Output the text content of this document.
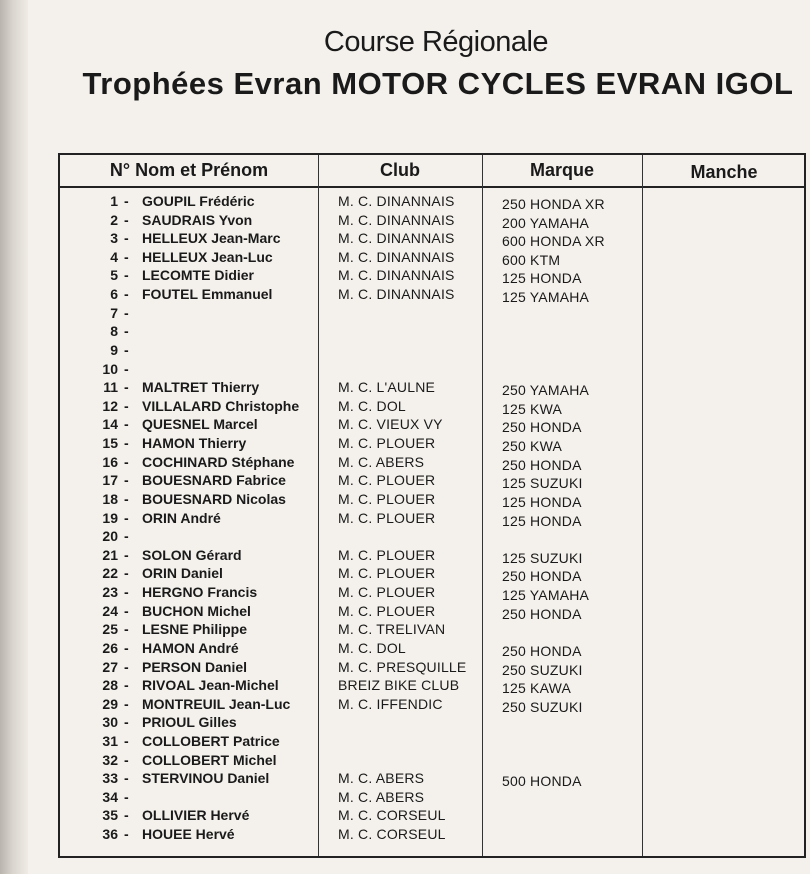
Course Régionale
Trophées Evran MOTOR CYCLES EVRAN IGOL
N° Nom et Prénom	Club	Marque	Manche
1 - GOUPIL Frédéric	M. C. DINANNAIS	250 HONDA XR
2 - SAUDRAIS Yvon	M. C. DINANNAIS	200 YAMAHA
3 - HELLEUX Jean-Marc	M. C. DINANNAIS	600 HONDA XR
4 - HELLEUX Jean-Luc	M. C. DINANNAIS	600 KTM
5 - LECOMTE Didier	M. C. DINANNAIS	125 HONDA
6 - FOUTEL Emmanuel	M. C. DINANNAIS	125 YAMAHA
7 -
8 -
9 -
10 -
11 - MALTRET Thierry	M. C. L'AULNE	250 YAMAHA
12 - VILLALARD Christophe	M. C. DOL	125 KWA
14 - QUESNEL Marcel	M. C. VIEUX VY	250 HONDA
15 - HAMON Thierry	M. C. PLOUER	250 KWA
16 - COCHINARD Stéphane	M. C. ABERS	250 HONDA
17 - BOUESNARD Fabrice	M. C. PLOUER	125 SUZUKI
18 - BOUESNARD Nicolas	M. C. PLOUER	125 HONDA
19 - ORIN André	M. C. PLOUER	125 HONDA
20 -
21 - SOLON Gérard	M. C. PLOUER	125 SUZUKI
22 - ORIN Daniel	M. C. PLOUER	250 HONDA
23 - HERGNO Francis	M. C. PLOUER	125 YAMAHA
24 - BUCHON Michel	M. C. PLOUER	250 HONDA
25 - LESNE Philippe	M. C. TRELIVAN
26 - HAMON André	M. C. DOL	250 HONDA
27 - PERSON Daniel	M. C. PRESQUILLE	250 SUZUKI
28 - RIVOAL Jean-Michel	BREIZ BIKE CLUB	125 KAWA
29 - MONTREUIL Jean-Luc	M. C. IFFENDIC	250 SUZUKI
30 - PRIOUL Gilles
31 - COLLOBERT Patrice
32 - COLLOBERT Michel
33 - STERVINOU Daniel	M. C. ABERS	500 HONDA
34 -	M. C. ABERS
35 - OLLIVIER Hervé	M. C. CORSEUL
36 - HOUEE Hervé	M. C. CORSEUL
